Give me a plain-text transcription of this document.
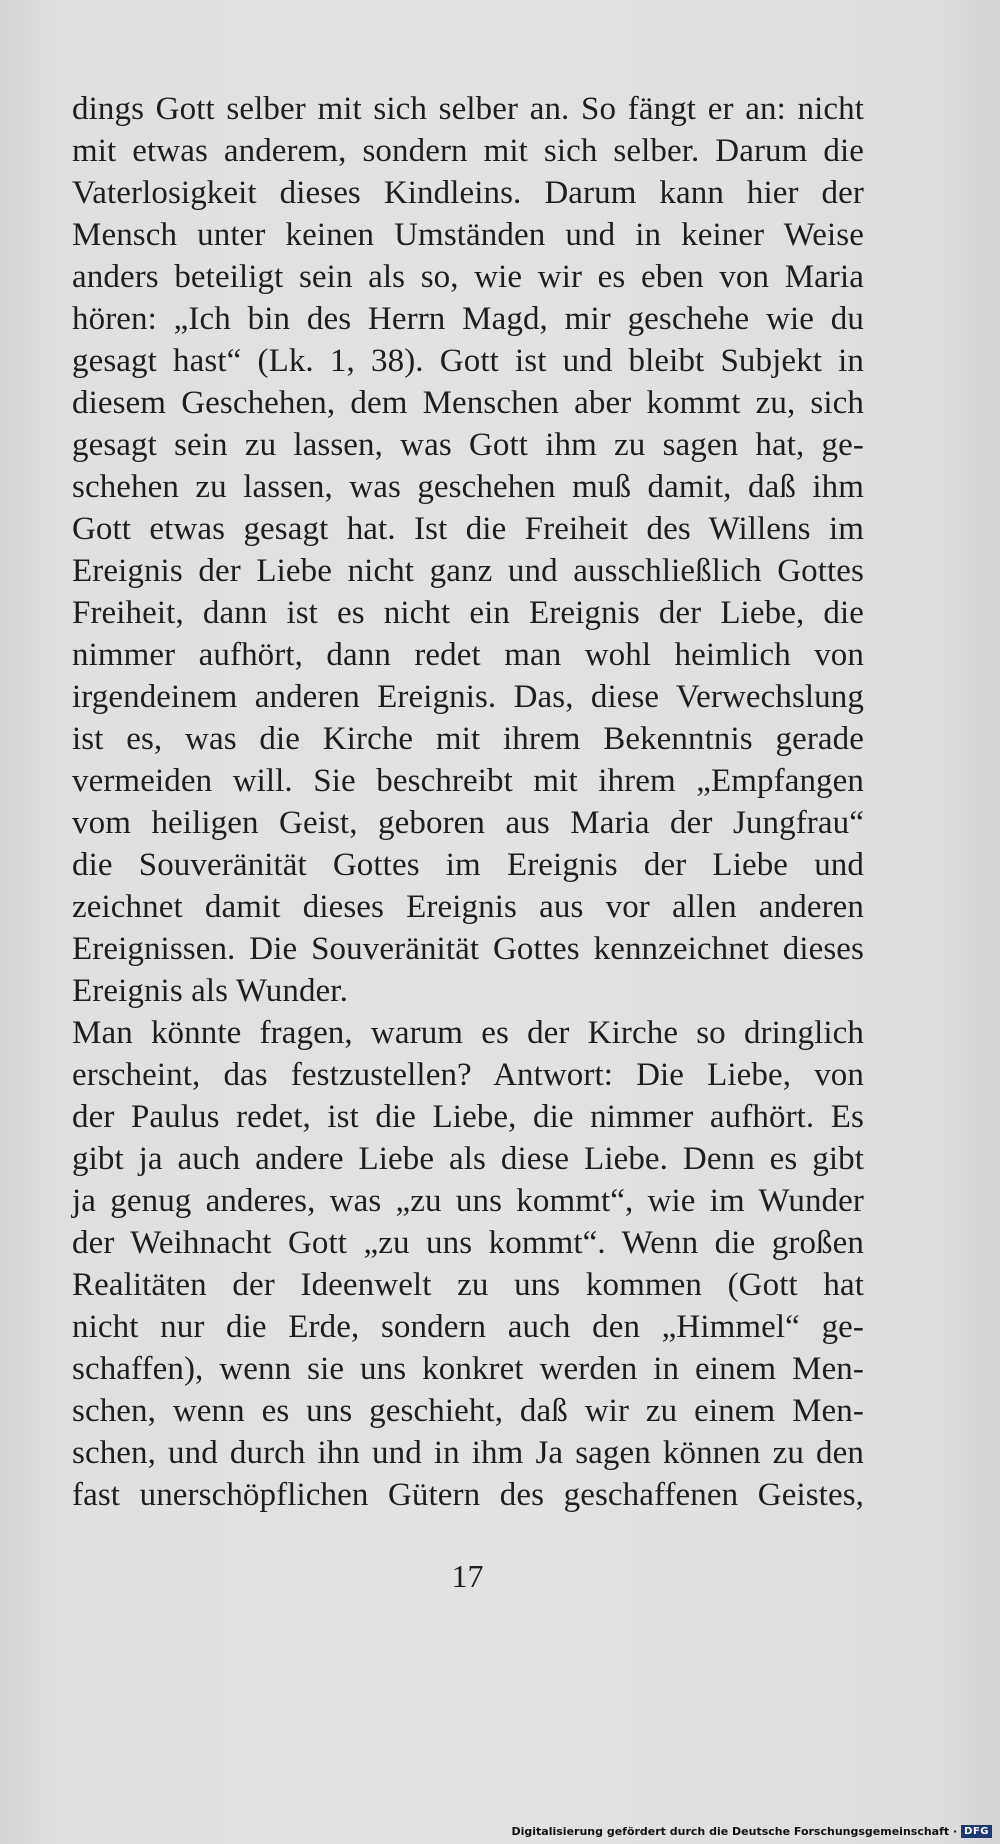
dings Gott selber mit sich selber an. So fängt er an: nicht
mit etwas anderem, sondern mit sich selber. Darum die
Vaterlosigkeit dieses Kindleins. Darum kann hier der
Mensch unter keinen Umständen und in keiner Weise
anders beteiligt sein als so, wie wir es eben von Maria
hören: „Ich bin des Herrn Magd, mir geschehe wie du
gesagt hast“ (Lk. 1, 38). Gott ist und bleibt Subjekt in
diesem Geschehen, dem Menschen aber kommt zu, sich
gesagt sein zu lassen, was Gott ihm zu sagen hat, ge-
schehen zu lassen, was geschehen muß damit, daß ihm
Gott etwas gesagt hat. Ist die Freiheit des Willens im
Ereignis der Liebe nicht ganz und ausschließlich Gottes
Freiheit, dann ist es nicht ein Ereignis der Liebe, die
nimmer aufhört, dann redet man wohl heimlich von
irgendeinem anderen Ereignis. Das, diese Verwechslung
ist es, was die Kirche mit ihrem Bekenntnis gerade
vermeiden will. Sie beschreibt mit ihrem „Empfangen
vom heiligen Geist, geboren aus Maria der Jungfrau“
die Souveränität Gottes im Ereignis der Liebe und
zeichnet damit dieses Ereignis aus vor allen anderen
Ereignissen. Die Souveränität Gottes kennzeichnet dieses
Ereignis als Wunder.
Man könnte fragen, warum es der Kirche so dringlich
erscheint, das festzustellen? Antwort: Die Liebe, von
der Paulus redet, ist die Liebe, die nimmer aufhört. Es
gibt ja auch andere Liebe als diese Liebe. Denn es gibt
ja genug anderes, was „zu uns kommt“, wie im Wunder
der Weihnacht Gott „zu uns kommt“. Wenn die großen
Realitäten der Ideenwelt zu uns kommen (Gott hat
nicht nur die Erde, sondern auch den „Himmel“ ge-
schaffen), wenn sie uns konkret werden in einem Men-
schen, wenn es uns geschieht, daß wir zu einem Men-
schen, und durch ihn und in ihm Ja sagen können zu den
fast unerschöpflichen Gütern des geschaffenen Geistes,
17
Digitalisierung gefördert durch die Deutsche Forschungsgemeinschaft · DFG
